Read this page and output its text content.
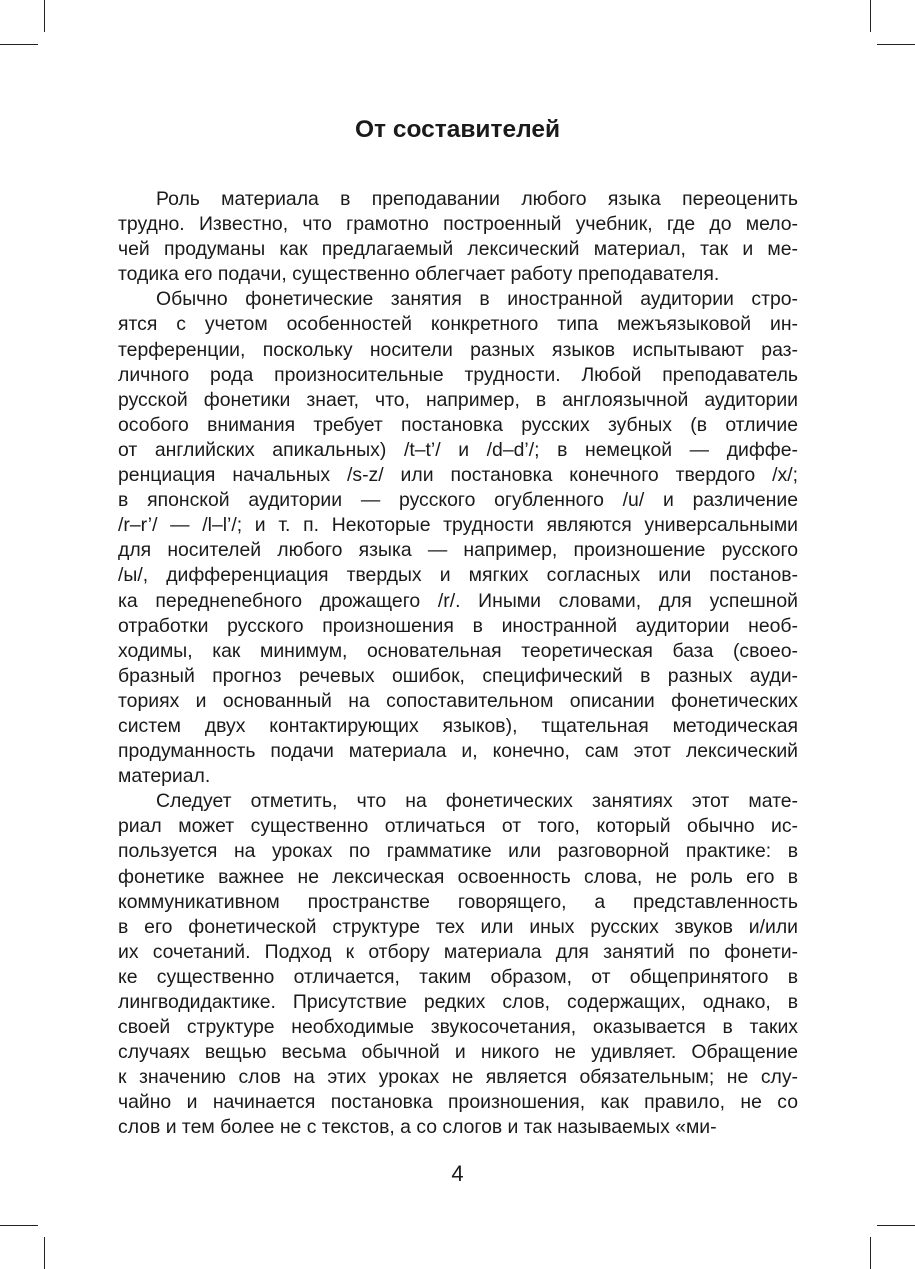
От составителей
Роль материала в преподавании любого языка переоценить
трудно. Известно, что грамотно построенный учебник, где до мело-
чей продуманы как предлагаемый лексический материал, так и ме-
тодика его подачи, существенно облегчает работу преподавателя.
Обычно фонетические занятия в иностранной аудитории стро-
ятся с учетом особенностей конкретного типа межъязыковой ин-
терференции, поскольку носители разных языков испытывают раз-
личного рода произносительные трудности. Любой преподаватель
русской фонетики знает, что, например, в англоязычной аудитории
особого внимания требует постановка русских зубных (в отличие
от английских апикальных) /t–t’/ и /d–d’/; в немецкой — диффе-
ренциация начальных /s-z/ или постановка конечного твердого /x/;
в японской аудитории — русского огубленного /u/ и различение
/r–r’/ — /l–l’/; и т. п. Некоторые трудности являются универсальными
для носителей любого языка — например, произношение русского
/ы/, дифференциация твердых и мягких согласных или постанов-
ка переднenебного дрожащего /r/. Иными словами, для успешной
отработки русского произношения в иностранной аудитории необ-
ходимы, как минимум, основательная теоретическая база (своео-
бразный прогноз речевых ошибок, специфический в разных ауди-
ториях и основанный на сопоставительном описании фонетических
систем двух контактирующих языков), тщательная методическая
продуманность подачи материала и, конечно, сам этот лексический
материал.
Следует отметить, что на фонетических занятиях этот мате-
риал может существенно отличаться от того, который обычно ис-
пользуется на уроках по грамматике или разговорной практике: в
фонетике важнее не лексическая освоенность слова, не роль его в
коммуникативном пространстве говорящего, а представленность
в его фонетической структуре тех или иных русских звуков и/или
их сочетаний. Подход к отбору материала для занятий по фонети-
ке существенно отличается, таким образом, от общепринятого в
лингводидактике. Присутствие редких слов, содержащих, однако, в
своей структуре необходимые звукосочетания, оказывается в таких
случаях вещью весьма обычной и никого не удивляет. Обращение
к значению слов на этих уроках не является обязательным; не слу-
чайно и начинается постановка произношения, как правило, не со
слов и тем более не с текстов, а со слогов и так называемых «ми-
4
